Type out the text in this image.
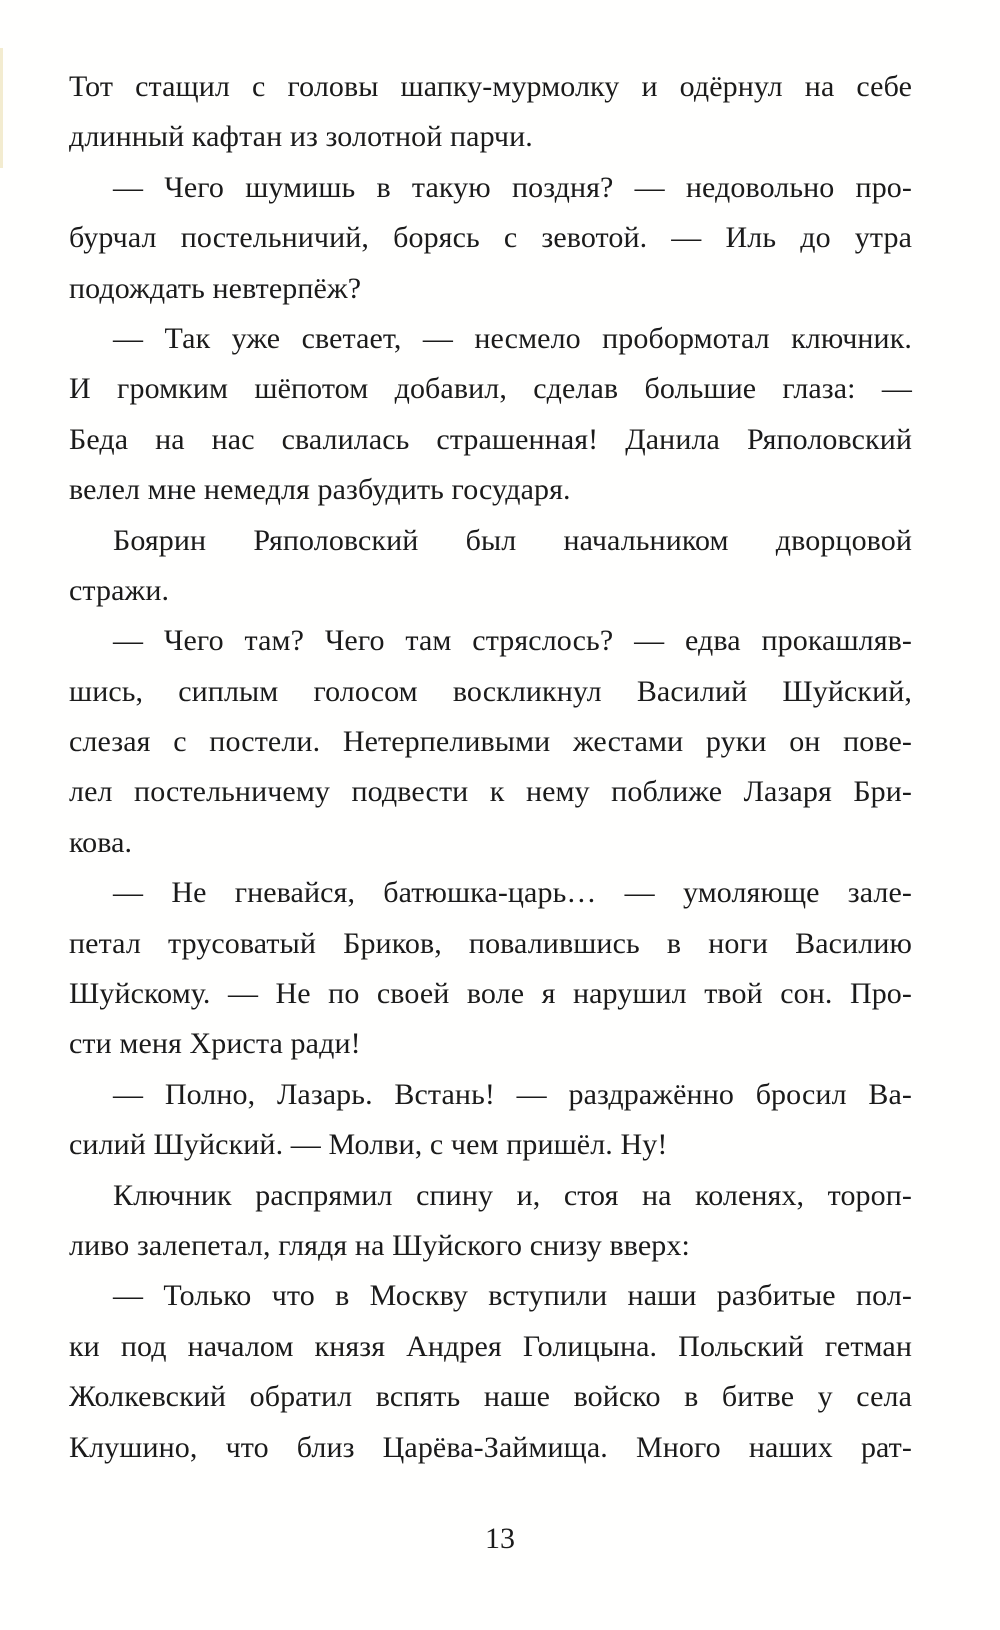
Тот стащил с головы шапку-мурмолку и одёрнул на себе
длинный кафтан из золотной парчи.
— Чего шумишь в такую поздня? — недовольно про-
бурчал постельничий, борясь с зевотой. — Иль до утра
подождать невтерпёж?
— Так уже светает, — несмело пробормотал ключник.
И громким шёпотом добавил, сделав большие глаза: —
Беда на нас свалилась страшенная! Данила Ряполовский
велел мне немедля разбудить государя.
Боярин Ряполовский был начальником дворцовой
стражи.
— Чего там? Чего там стряслось? — едва прокашляв-
шись, сиплым голосом воскликнул Василий Шуйский,
слезая с постели. Нетерпеливыми жестами руки он пове-
лел постельничему подвести к нему поближе Лазаря Бри-
кова.
— Не гневайся, батюшка-царь… — умоляюще зале-
петал трусоватый Бриков, повалившись в ноги Василию
Шуйскому. — Не по своей воле я нарушил твой сон. Про-
сти меня Христа ради!
— Полно, Лазарь. Встань! — раздражённо бросил Ва-
силий Шуйский. — Молви, с чем пришёл. Ну!
Ключник распрямил спину и, стоя на коленях, тороп-
ливо залепетал, глядя на Шуйского снизу вверх:
— Только что в Москву вступили наши разбитые пол-
ки под началом князя Андрея Голицына. Польский гетман
Жолкевский обратил вспять наше войско в битве у села
Клушино, что близ Царёва-Займища. Много наших рат-
13
